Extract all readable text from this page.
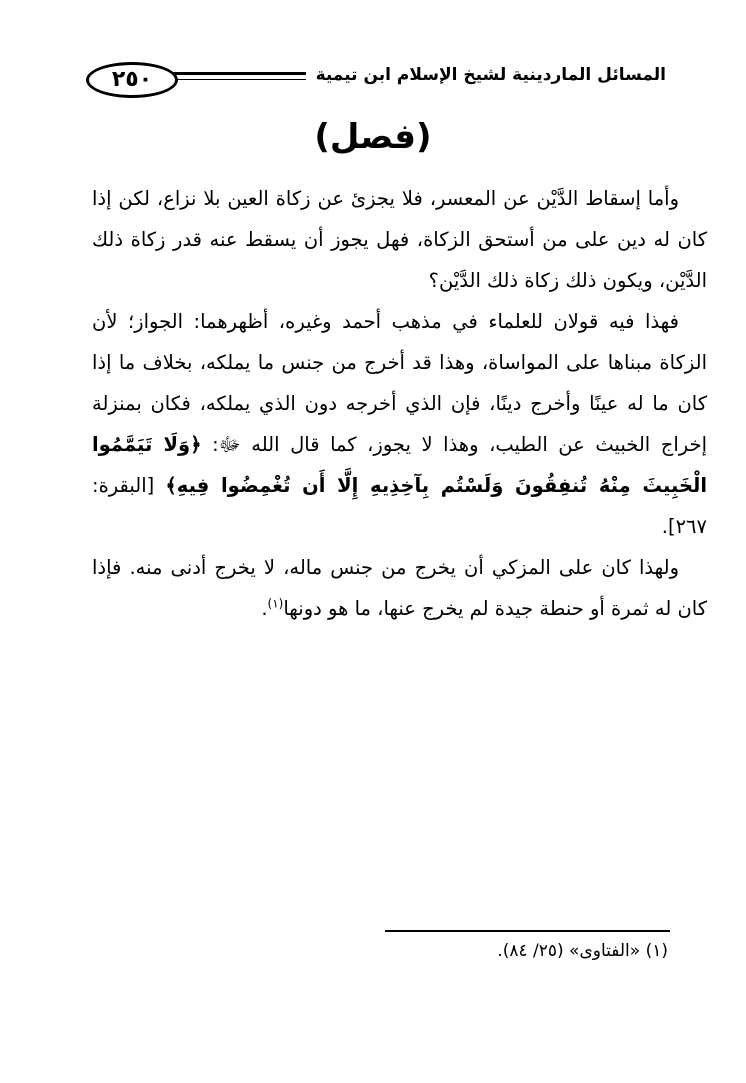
٢٥٠	المسائل الماردينية لشيخ الإسلام ابن تيمية
(فصل)

وأما إسقاط الدَّيْن عن المعسر، فلا يجزئ عن زكاة العين بلا نزاع، لكن إذا كان له دين على من أستحق الزكاة، فهل يجوز أن يسقط عنه قدر زكاة ذلك الدَّيْن، ويكون ذلك زكاة ذلك الدَّيْن؟

فهذا فيه قولان للعلماء في مذهب أحمد وغيره، أظهرهما: الجواز؛ لأن الزكاة مبناها على المواساة، وهذا قد أخرج من جنس ما يملكه، بخلاف ما إذا كان ما له عينًا وأخرج دينًا، فإن الذي أخرجه دون الذي يملكه، فكان بمنزلة إخراج الخبيث عن الطيب، وهذا لا يجوز، كما قال الله ﷻ: ﴿وَلَا تَيَمَّمُوا الْخَبِيثَ مِنْهُ تُنفِقُونَ وَلَسْتُم بِآخِذِيهِ إِلَّا أَن تُغْمِضُوا فِيهِ﴾ [البقرة: ٢٦٧].

ولهذا كان على المزكي أن يخرج من جنس ماله، لا يخرج أدنى منه. فإذا كان له ثمرة أو حنطة جيدة لم يخرج عنها، ما هو دونها$^{(١)}$.

(١) «الفتاوى» (٢٥/ ٨٤).
